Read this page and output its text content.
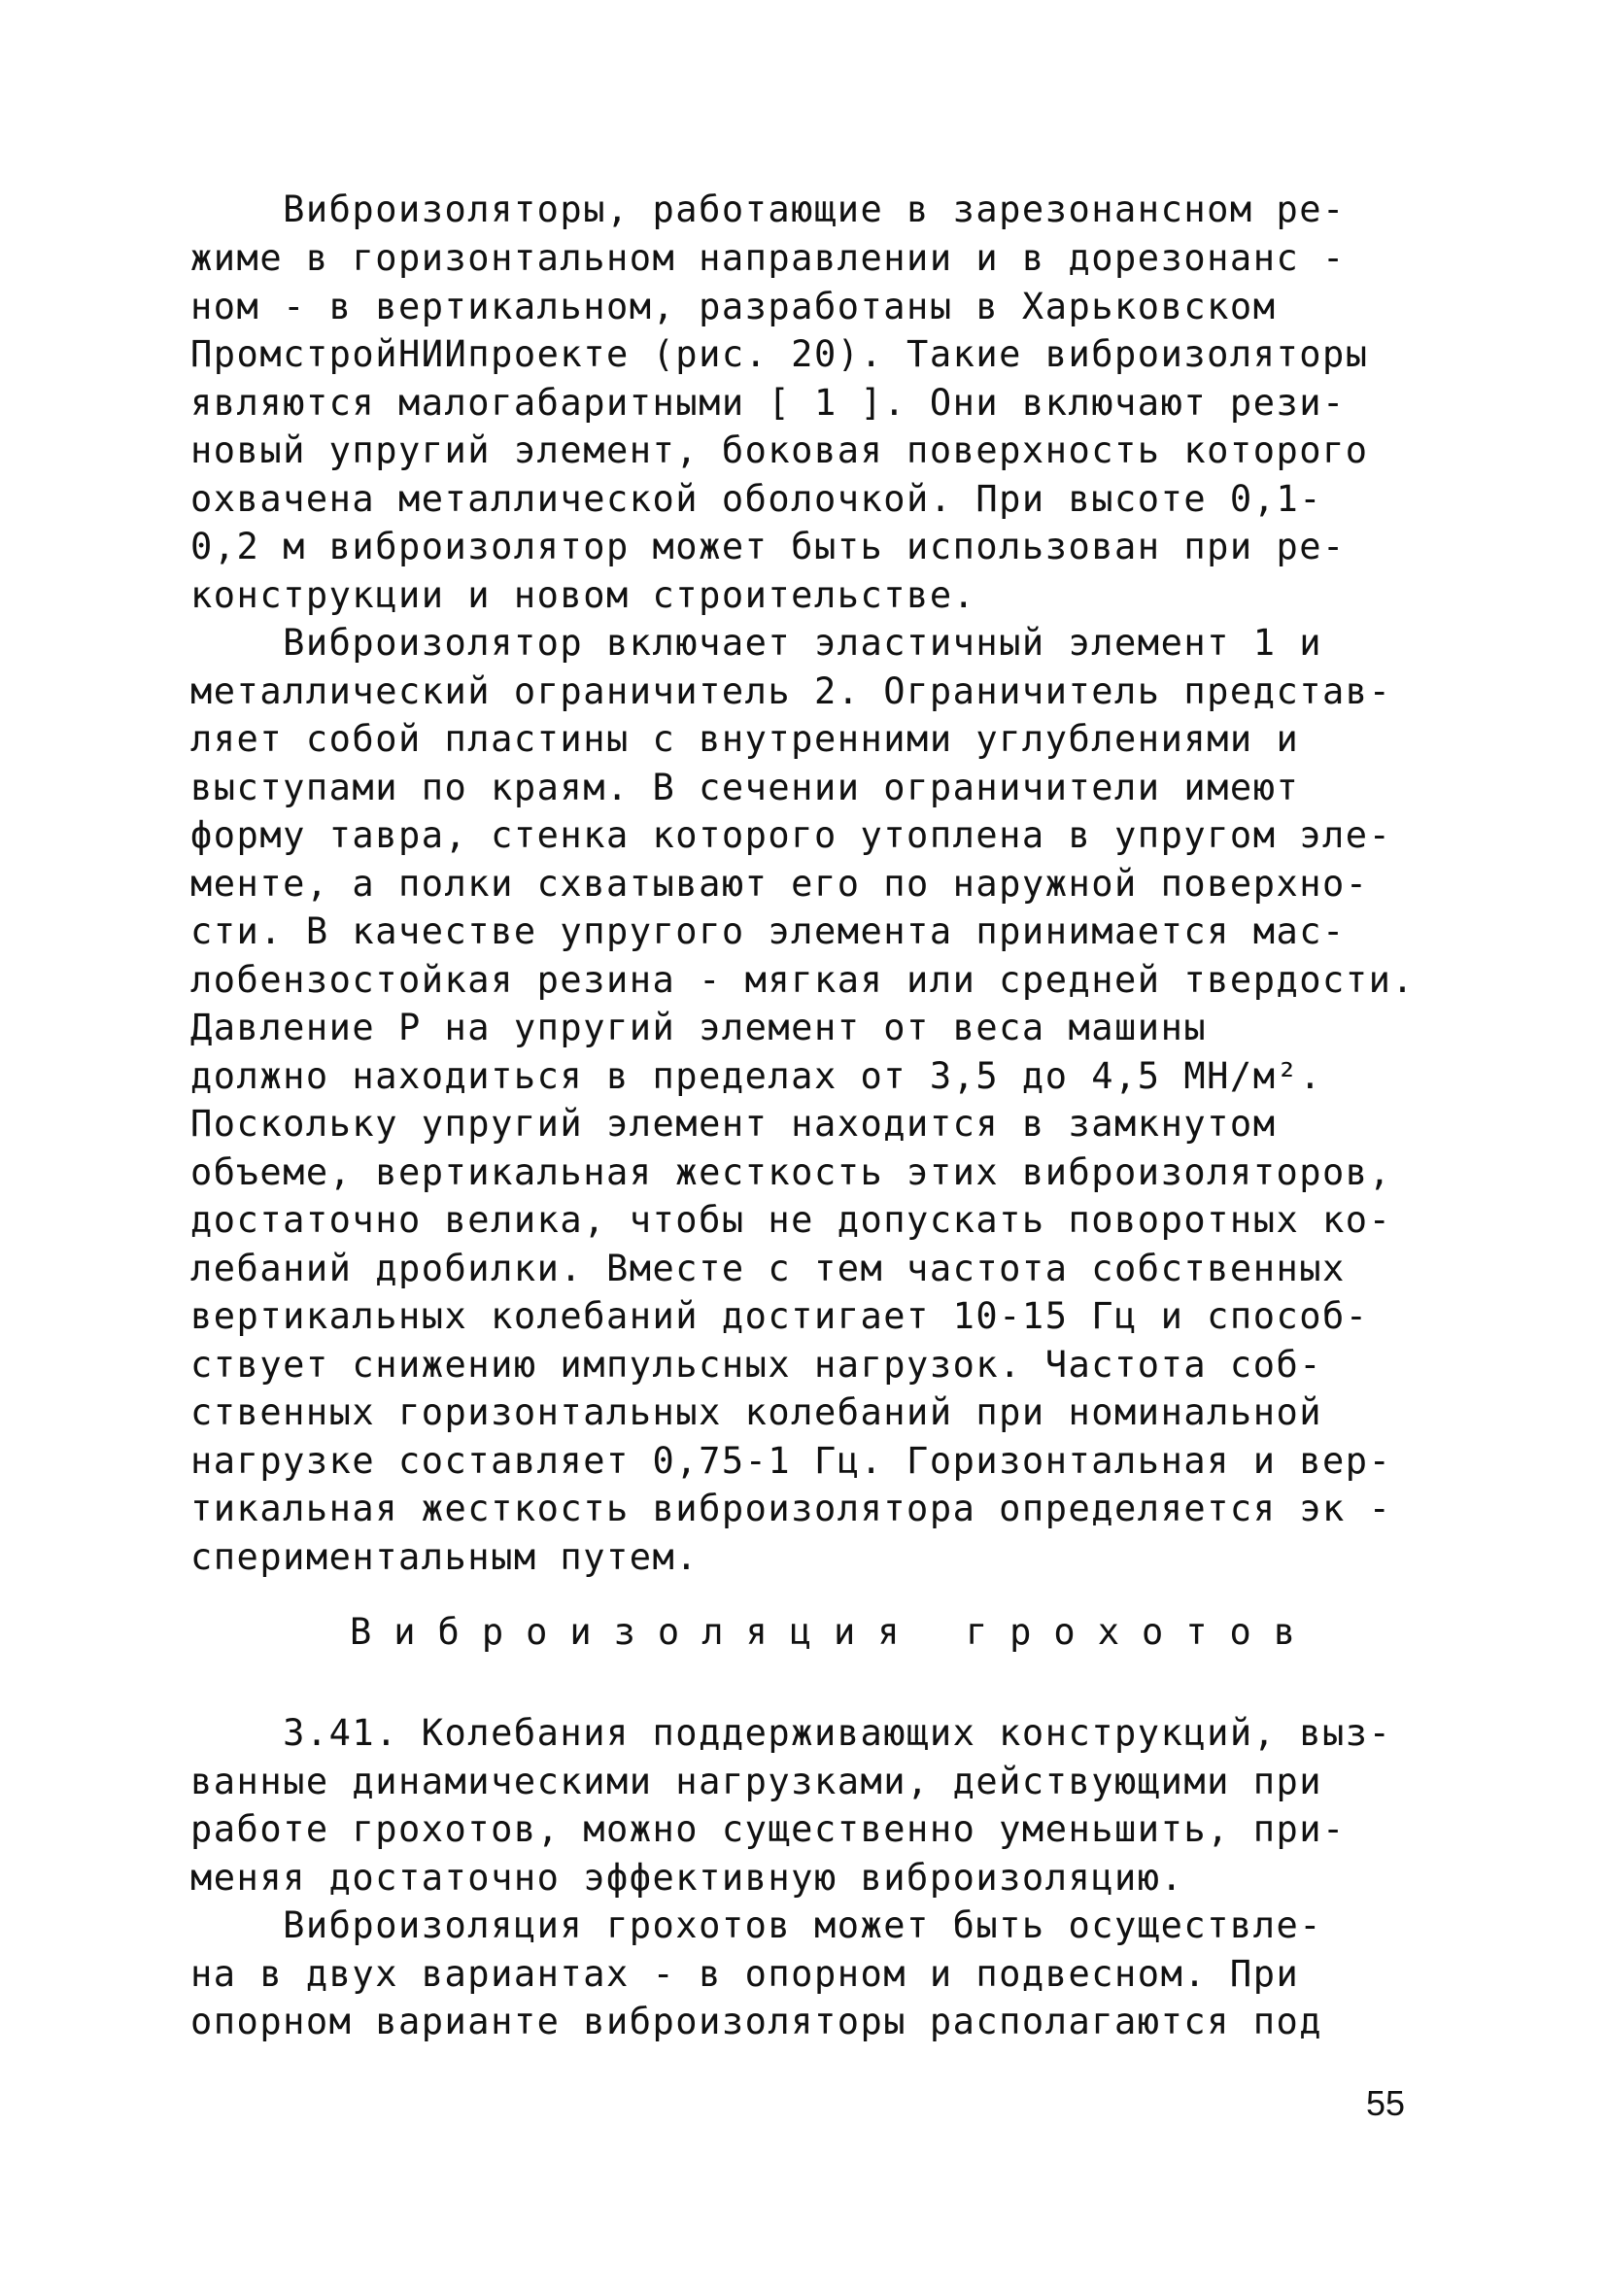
Виброизоляторы, работающие в зарезонансном ре-

жиме в горизонтальном направлении и в дорезонанс -

ном - в вертикальном, разработаны в Харьковском

ПромстройНИИпроекте (рис. 20). Такие виброизоляторы

являются малогабаритными [ 1 ]. Они включают рези-

новый упругий элемент, боковая поверхность которого

охвачена металлической оболочкой. При высоте 0,1-

0,2 м виброизолятор может быть использован при ре-

конструкции и новом строительстве.

Виброизолятор включает эластичный элемент 1 и

металлический ограничитель 2. Ограничитель представ-

ляет собой пластины с внутренними углублениями и

выступами по краям. В сечении ограничители имеют

форму тавра, стенка которого утоплена в упругом эле-

менте, а полки схватывают его по наружной поверхно-

сти. В качестве упругого элемента принимается мас-

лобензостойкая резина - мягкая или средней твердости.

Давление P на упругий элемент от веса машины

должно находиться в пределах от 3,5 до 4,5 МН/м².

Поскольку упругий элемент находится в замкнутом

объеме, вертикальная жесткость этих виброизоляторов,

достаточно велика, чтобы не допускать поворотных ко-

лебаний дробилки. Вместе с тем частота собственных

вертикальных колебаний достигает 10-15 Гц и способ-

ствует снижению импульсных нагрузок. Частота соб-

ственных горизонтальных колебаний при номинальной

нагрузке составляет 0,75-1 Гц. Горизонтальная и вер-

тикальная жесткость виброизолятора определяется эк -

спериментальным путем.

Виброизоляция грохотов

3.41. Колебания поддерживающих конструкций, выз-

ванные динамическими нагрузками, действующими при

работе грохотов, можно существенно уменьшить, при-

меняя достаточно эффективную виброизоляцию.

Виброизоляция грохотов может быть осуществле-

на в двух вариантах - в опорном и подвесном. При

опорном варианте виброизоляторы располагаются под

55
